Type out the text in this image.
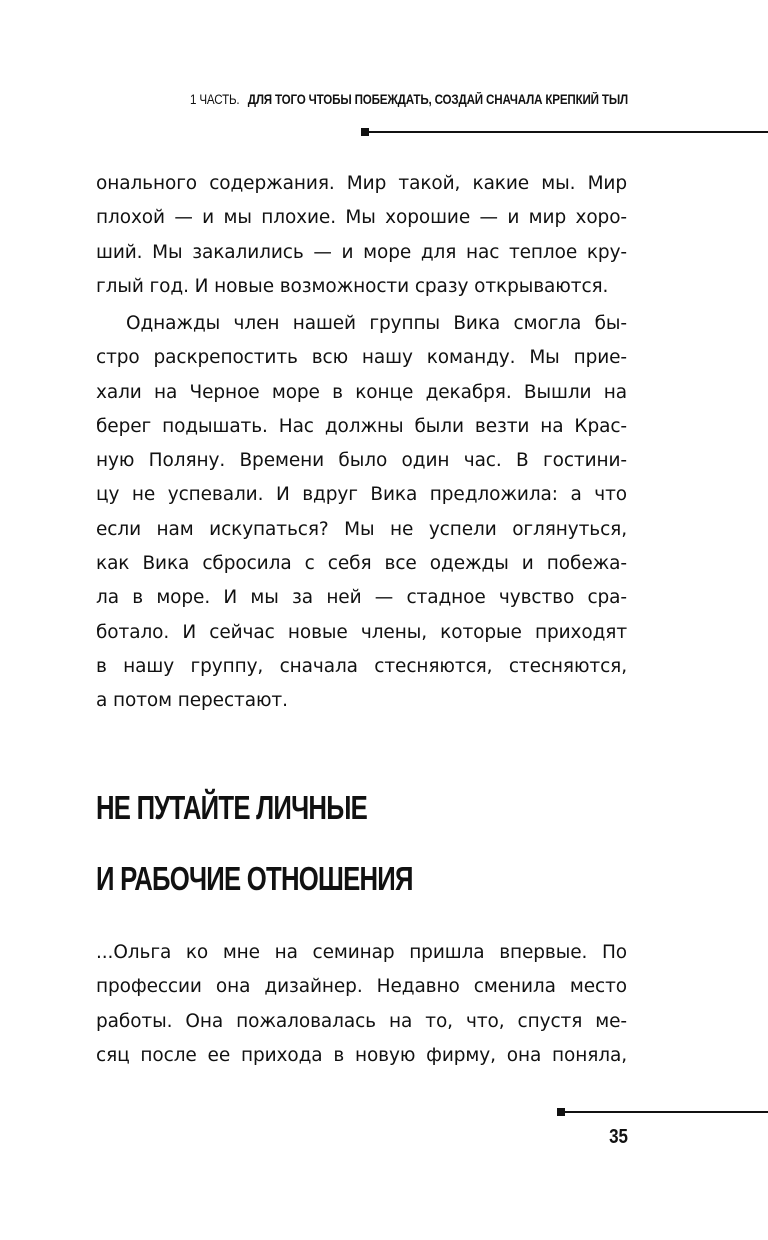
1 ЧАСТЬ. ДЛЯ ТОГО ЧТОБЫ ПОБЕЖДАТЬ, СОЗДАЙ СНАЧАЛА КРЕПКИЙ ТЫЛ
онального содержания. Мир такой, какие мы. Мир
плохой — и мы плохие. Мы хорошие — и мир хоро-
ший. Мы закалились — и море для нас теплое кру-
глый год. И новые возможности сразу открываются.
Однажды член нашей группы Вика смогла бы-
стро раскрепостить всю нашу команду. Мы прие-
хали на Черное море в конце декабря. Вышли на
берег подышать. Нас должны были везти на Крас-
ную Поляну. Времени было один час. В гостини-
цу не успевали. И вдруг Вика предложила: а что
если нам искупаться? Мы не успели оглянуться,
как Вика сбросила с себя все одежды и побежа-
ла в море. И мы за ней — стадное чувство сра-
ботало. И сейчас новые члены, которые приходят
в нашу группу, сначала стесняются, стесняются,
а потом перестают.
НЕ ПУТАЙТЕ ЛИЧНЫЕ
И РАБОЧИЕ ОТНОШЕНИЯ
...Ольга ко мне на семинар пришла впервые. По
профессии она дизайнер. Недавно сменила место
работы. Она пожаловалась на то, что, спустя ме-
сяц после ее прихода в новую фирму, она поняла,
35
